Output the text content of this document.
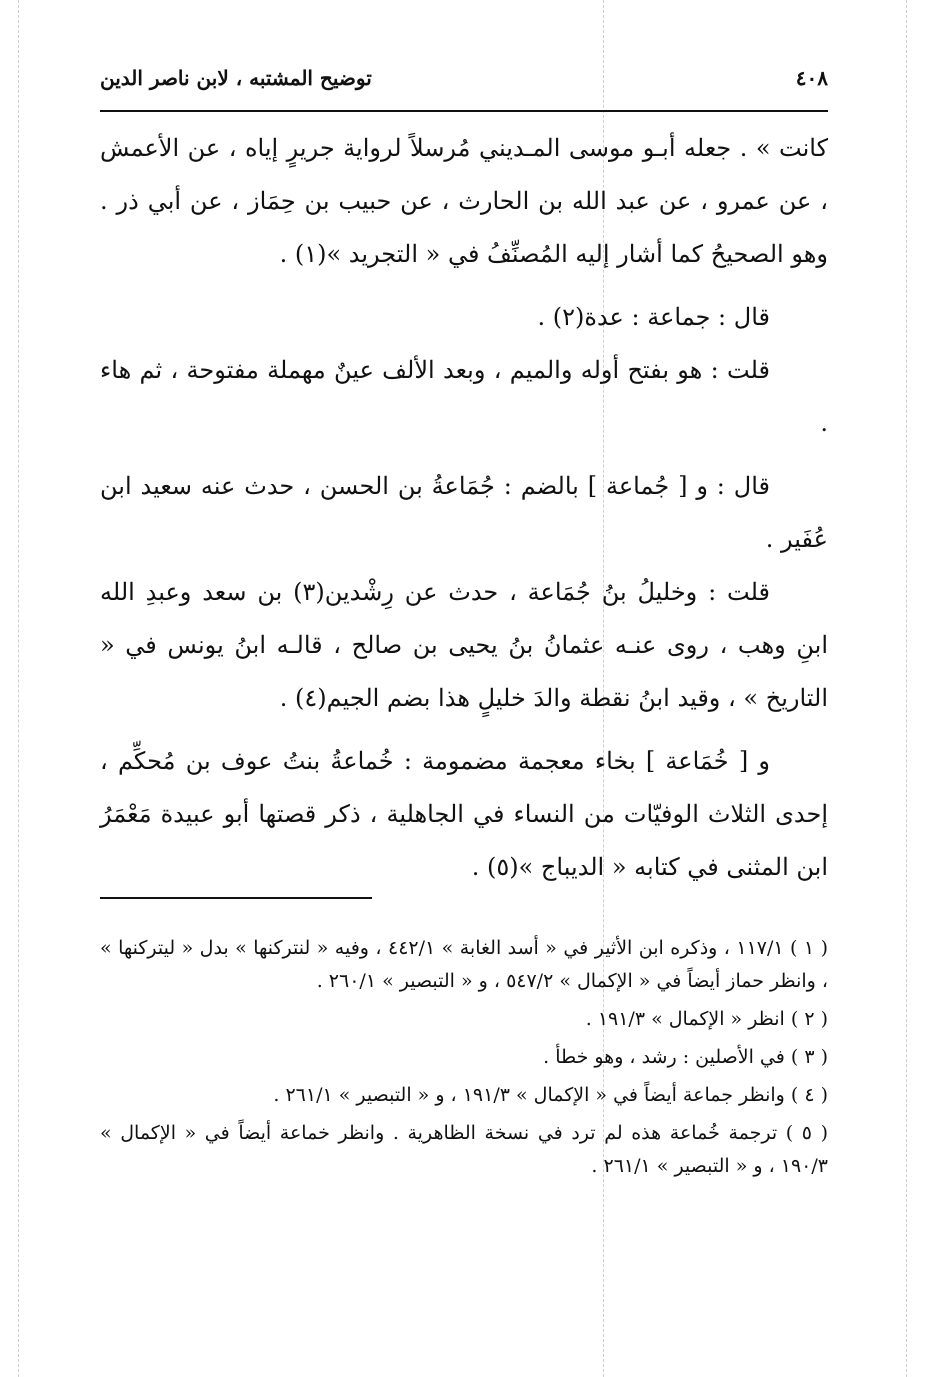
٤٠٨
توضيح المشتبه ، لابن ناصر الدين

كانت » . جعله أبـو موسى المـديني مُرسلاً لرواية جريرٍ إياه ، عن الأعمش ، عن عمرو ، عن عبد الله بن الحارث ، عن حبيب بن حِمَاز ، عن أبي ذر . وهو الصحيحُ كما أشار إليه المُصنِّفُ في « التجريد »(١) .

قال : جماعة : عدة(٢) .

قلت : هو بفتح أوله والميم ، وبعد الألف عينٌ مهملة مفتوحة ، ثم هاء .

قال : و [ جُماعة ] بالضم : جُمَاعةُ بن الحسن ، حدث عنه سعيد ابن عُفَير .

قلت : وخليلُ بنُ جُمَاعة ، حدث عن رِشْدين(٣) بن سعد وعبدِ الله ابنِ وهب ، روى عنـه عثمانُ بنُ يحيى بن صالح ، قالـه ابنُ يونس في « التاريخ » ، وقيد ابنُ نقطة والدَ خليلٍ هذا بضم الجيم(٤) .

و [ خُمَاعة ] بخاء معجمة مضمومة : خُماعةُ بنتُ عوف بن مُحكِّم ، إحدى الثلاث الوفيّات من النساء في الجاهلية ، ذكر قصتها أبو عبيدة مَعْمَرُ ابن المثنى في كتابه « الديباج »(٥) .

( ١ ) ١١٧/١ ، وذكره ابن الأثير في « أسد الغابة » ٤٤٢/١ ، وفيه « لنتركنها » بدل « ليتركنها » ، وانظر حماز أيضاً في « الإكمال » ٥٤٧/٢ ، و « التبصير » ٢٦٠/١ .

( ٢ ) انظر « الإكمال » ١٩١/٣ .

( ٣ ) في الأصلين : رشد ، وهو خطأ .

( ٤ ) وانظر جماعة أيضاً في « الإكمال » ١٩١/٣ ، و « التبصير » ٢٦١/١ .

( ٥ ) ترجمة خُماعة هذه لم ترد في نسخة الظاهرية . وانظر خماعة أيضاً في « الإكمال » ١٩٠/٣ ، و « التبصير » ٢٦١/١ .
